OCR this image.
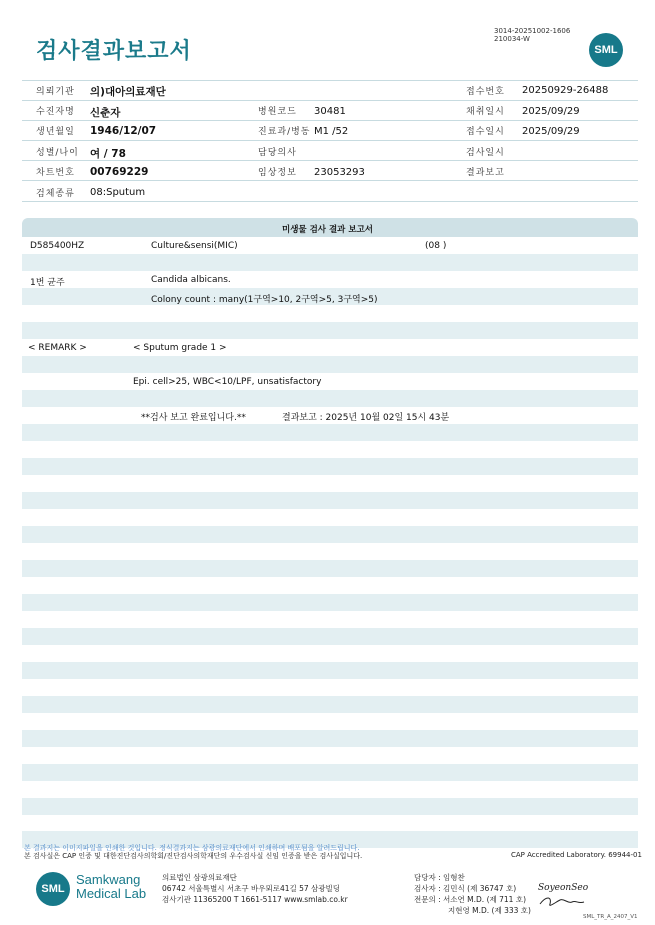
검사결과보고서
3014-20251002-1606
210034-W
SML
의뢰기관 의)대아의료재단	접수번호 20250929-26488
수진자명 신춘자	병원코드 30481	채취일시 2025/09/29
생년월일 1946/12/07	진료과/병동 M1 /52	접수일시 2025/09/29
성별/나이 여 / 78	담당의사	검사일시
차트번호 00769229	임상정보 23053293	결과보고
검체종류 08:Sputum
미생물 검사 결과 보고서
D585400HZ	Culture&sensi(MIC)	(08 )
1번 균주	Candida albicans.
Colony count : many(1구역>10, 2구역>5, 3구역>5)
< REMARK >	< Sputum grade 1 >
Epi. cell>25, WBC<10/LPF, unsatisfactory
**검사 보고 완료입니다.**	결과보고 : 2025년 10월 02일 15시 43분
본 결과지는 이미지파일을 인쇄한 것입니다. 정식결과지는 삼광의료재단에서 인쇄하며 배포됨을 알려드립니다.
본 검사실은 CAP 인증 및 대한진단검사의학회/진단검사의학재단의 우수검사실 신임 인증을 받은 검사실입니다.	CAP Accredited Laboratory. 69944-01
SML
Samkwang
Medical Lab
의료법인 삼광의료재단
06742 서울특별시 서초구 바우뫼로41길 57 삼광빌딩
검사기관 11365200 T 1661-5117 www.smlab.co.kr
담당자 : 임형찬
검사자 : 김민식 (제 36747 호)
전문의 : 서소연 M.D. (제 711 호)
지현영 M.D. (제 333 호)
SoyeonSeo
SML_TR_A_2407_V1
